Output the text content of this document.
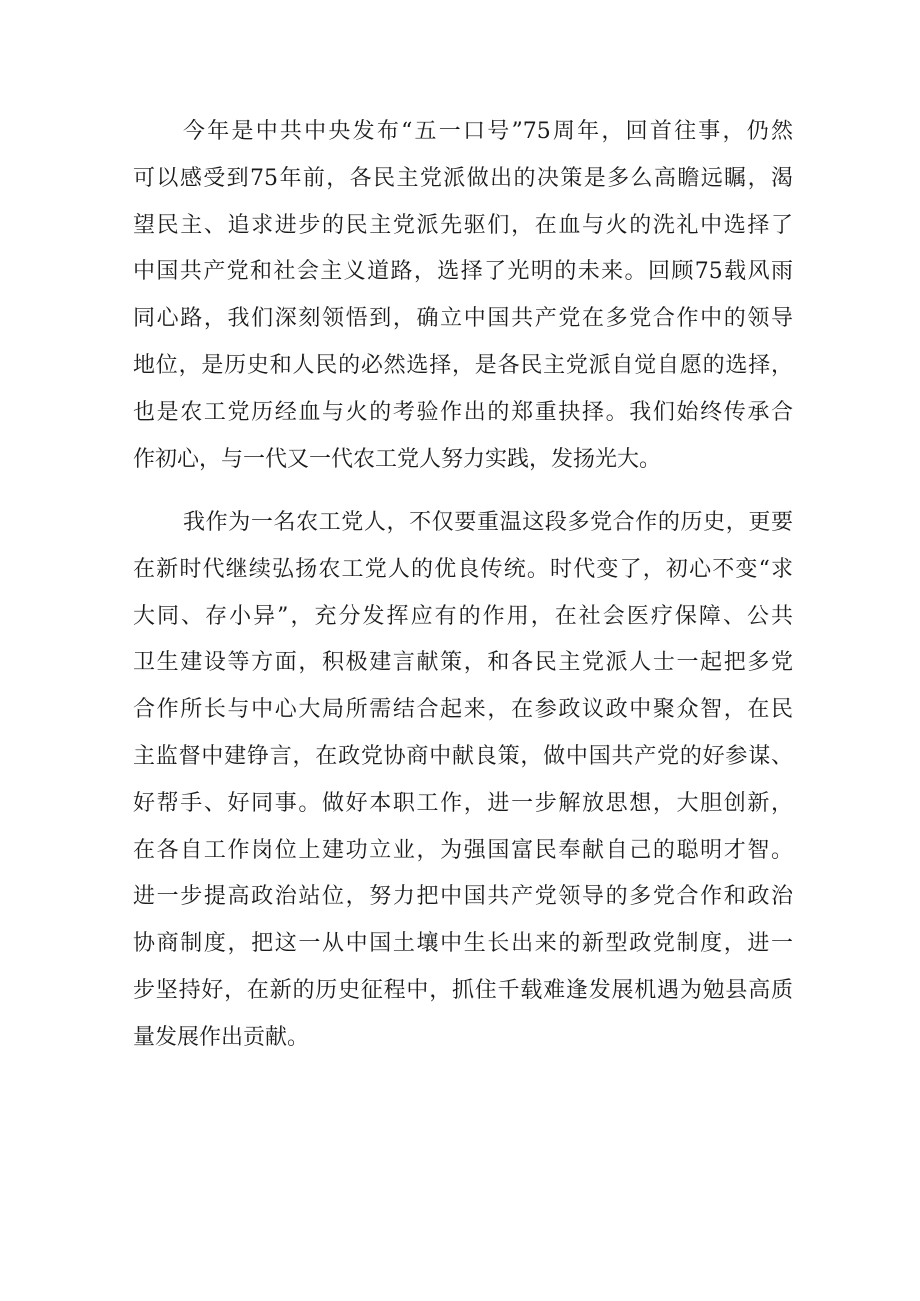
今年是中共中央发布“五一口号”75周年，回首往事，仍然
可以感受到75年前，各民主党派做出的决策是多么高瞻远瞩，渴
望民主、追求进步的民主党派先驱们，在血与火的洗礼中选择了
中国共产党和社会主义道路，选择了光明的未来。回顾75载风雨
同心路，我们深刻领悟到，确立中国共产党在多党合作中的领导
地位，是历史和人民的必然选择，是各民主党派自觉自愿的选择，
也是农工党历经血与火的考验作出的郑重抉择。我们始终传承合
作初心，与一代又一代农工党人努力实践，发扬光大。
我作为一名农工党人，不仅要重温这段多党合作的历史，更要
在新时代继续弘扬农工党人的优良传统。时代变了，初心不变“求
大同、存小异”，充分发挥应有的作用，在社会医疗保障、公共
卫生建设等方面，积极建言献策，和各民主党派人士一起把多党
合作所长与中心大局所需结合起来，在参政议政中聚众智，在民
主监督中建铮言，在政党协商中献良策，做中国共产党的好参谋、
好帮手、好同事。做好本职工作，进一步解放思想，大胆创新，
在各自工作岗位上建功立业，为强国富民奉献自己的聪明才智。
进一步提高政治站位，努力把中国共产党领导的多党合作和政治
协商制度，把这一从中国土壤中生长出来的新型政党制度，进一
步坚持好，在新的历史征程中，抓住千载难逢发展机遇为勉县高质
量发展作出贡献。
